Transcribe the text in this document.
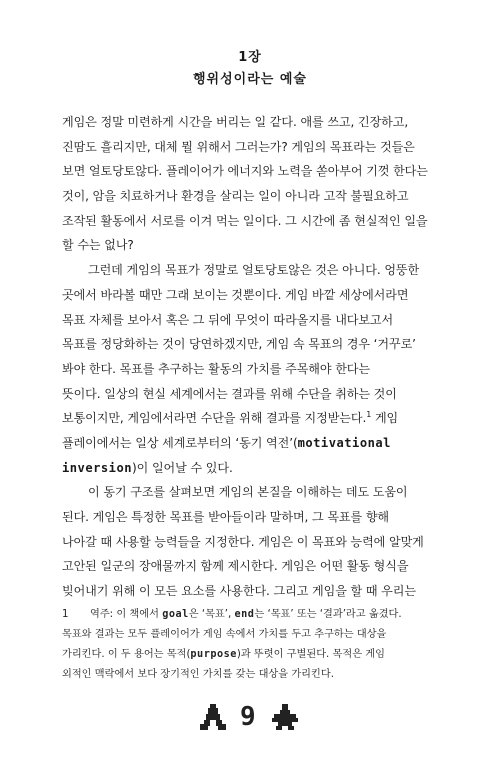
1장
행위성이라는 예술
게임은 정말 미련하게 시간을 버리는 일 같다. 애를 쓰고, 긴장하고,
진땀도 흘리지만, 대체 뭘 위해서 그러는가? 게임의 목표라는 것들은
보면 얼토당토않다. 플레이어가 에너지와 노력을 쏟아부어 기껏 한다는
것이, 암을 치료하거나 환경을 살리는 일이 아니라 고작 불필요하고
조작된 활동에서 서로를 이겨 먹는 일이다. 그 시간에 좀 현실적인 일을
할 수는 없나?
그런데 게임의 목표가 정말로 얼토당토않은 것은 아니다. 엉뚱한
곳에서 바라볼 때만 그래 보이는 것뿐이다. 게임 바깥 세상에서라면
목표 자체를 보아서 혹은 그 뒤에 무엇이 따라올지를 내다보고서
목표를 정당화하는 것이 당연하겠지만, 게임 속 목표의 경우 ‘거꾸로’
봐야 한다. 목표를 추구하는 활동의 가치를 주목해야 한다는
뜻이다. 일상의 현실 세계에서는 결과를 위해 수단을 취하는 것이
보통이지만, 게임에서라면 수단을 위해 결과를 지정받는다.$^1$ 게임
플레이에서는 일상 세계로부터의 ‘동기 역전’(motivational
inversion)이 일어날 수 있다.
이 동기 구조를 살펴보면 게임의 본질을 이해하는 데도 도움이
된다. 게임은 특정한 목표를 받아들이라 말하며, 그 목표를 향해
나아갈 때 사용할 능력들을 지정한다. 게임은 이 목표와 능력에 알맞게
고안된 일군의 장애물까지 함께 제시한다. 게임은 어떤 활동 형식을
빚어내기 위해 이 모든 요소를 사용한다. 그리고 게임을 할 때 우리는
1 역주: 이 책에서 goal은 ‘목표’, end는 ‘목표’ 또는 ‘결과’라고 옮겼다.
목표와 결과는 모두 플레이어가 게임 속에서 가치를 두고 추구하는 대상을
가리킨다. 이 두 용어는 목적(purpose)과 뚜렷이 구별된다. 목적은 게임
외적인 맥락에서 보다 장기적인 가치를 갖는 대상을 가리킨다.
9
